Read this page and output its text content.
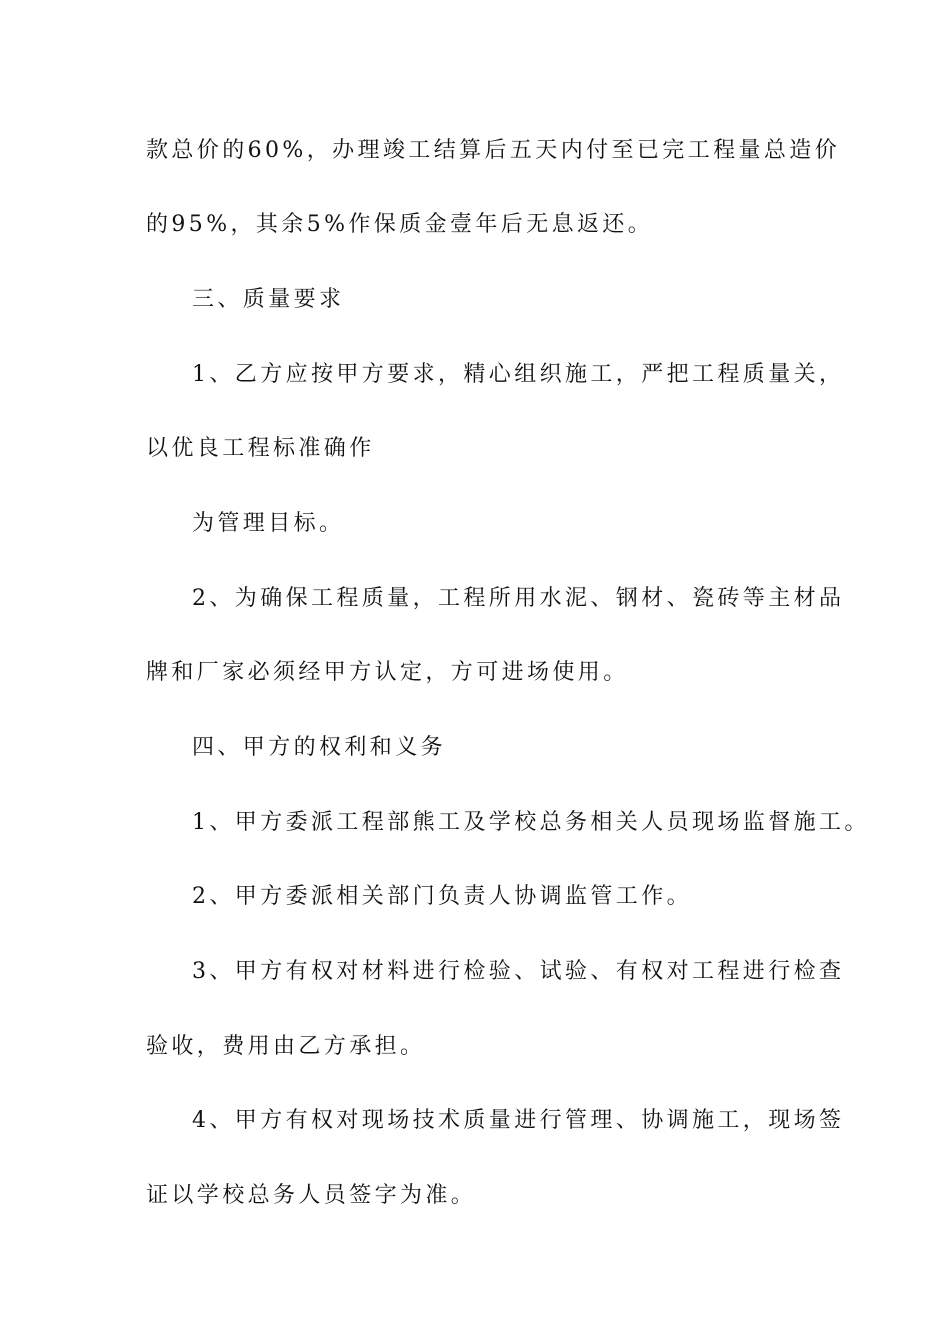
款总价的60%，办理竣工结算后五天内付至已完工程量总造价
的95%，其余5%作保质金壹年后无息返还。
三、质量要求
1、乙方应按甲方要求，精心组织施工，严把工程质量关，
以优良工程标准确作
为管理目标。
2、为确保工程质量，工程所用水泥、钢材、瓷砖等主材品
牌和厂家必须经甲方认定，方可进场使用。
四、甲方的权利和义务
1、甲方委派工程部熊工及学校总务相关人员现场监督施工。
2、甲方委派相关部门负责人协调监管工作。
3、甲方有权对材料进行检验、试验、有权对工程进行检查
验收，费用由乙方承担。
4、甲方有权对现场技术质量进行管理、协调施工，现场签
证以学校总务人员签字为准。
